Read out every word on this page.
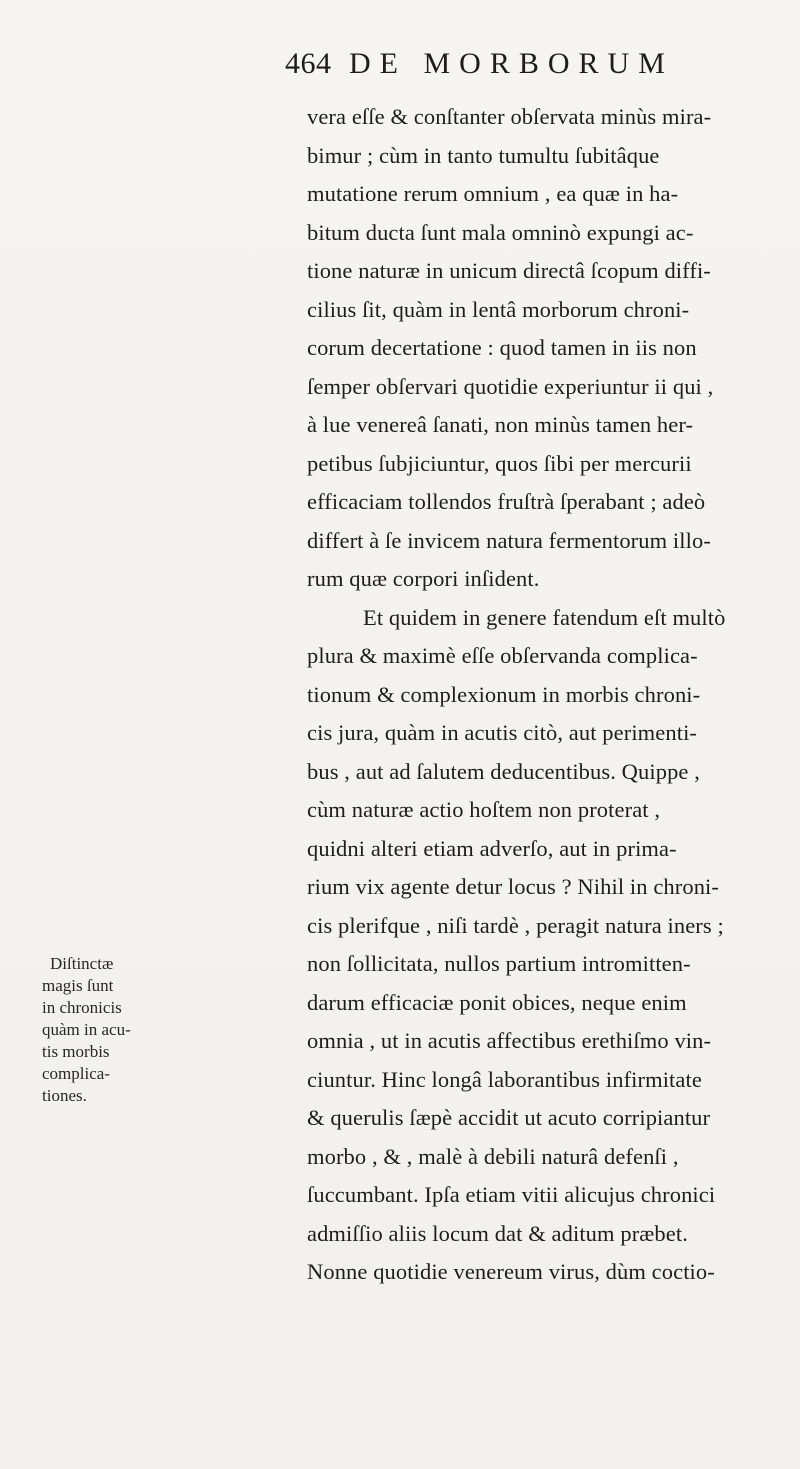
464 DE MORBORUM
vera eſſe & conſtanter obſervata minùs mira-
bimur ; cùm in tanto tumultu ſubitâque
mutatione rerum omnium , ea quæ in ha-
bitum ducta ſunt mala omninò expungi ac-
tione naturæ in unicum directâ ſcopum diffi-
cilius ſit, quàm in lentâ morborum chroni-
corum decertatione : quod tamen in iis non
ſemper obſervari quotidie experiuntur ii qui ,
à lue venereâ ſanati, non minùs tamen her-
petibus ſubjiciuntur, quos ſibi per mercurii
efficaciam tollendos fruſtrà ſperabant ; adeò
differt à ſe invicem natura fermentorum illo-
rum quæ corpori inſident.
Et quidem in genere fatendum eſt multò
plura & maximè eſſe obſervanda complica-
tionum & complexionum in morbis chroni-
cis jura, quàm in acutis citò, aut perimenti-
bus , aut ad ſalutem deducentibus. Quippe ,
cùm naturæ actio hoſtem non proterat ,
quidni alteri etiam adverſo, aut in prima-
rium vix agente detur locus ? Nihil in chroni-
cis plerifque , niſi tardè , peragit natura iners ;
non ſollicitata, nullos partium intromitten-
darum efficaciæ ponit obices, neque enim
omnia , ut in acutis affectibus erethiſmo vin-
ciuntur. Hinc longâ laborantibus infirmitate
& querulis ſæpè accidit ut acuto corripiantur
morbo , & , malè à debili naturâ defenſi ,
ſuccumbant. Ipſa etiam vitii alicujus chronici
admiſſio aliis locum dat & aditum præbet.
Nonne quotidie venereum virus, dùm coctio-
Diſtinctæ
magis ſunt
in chronicis
quàm in acu-
tis morbis
complica-
tiones.
